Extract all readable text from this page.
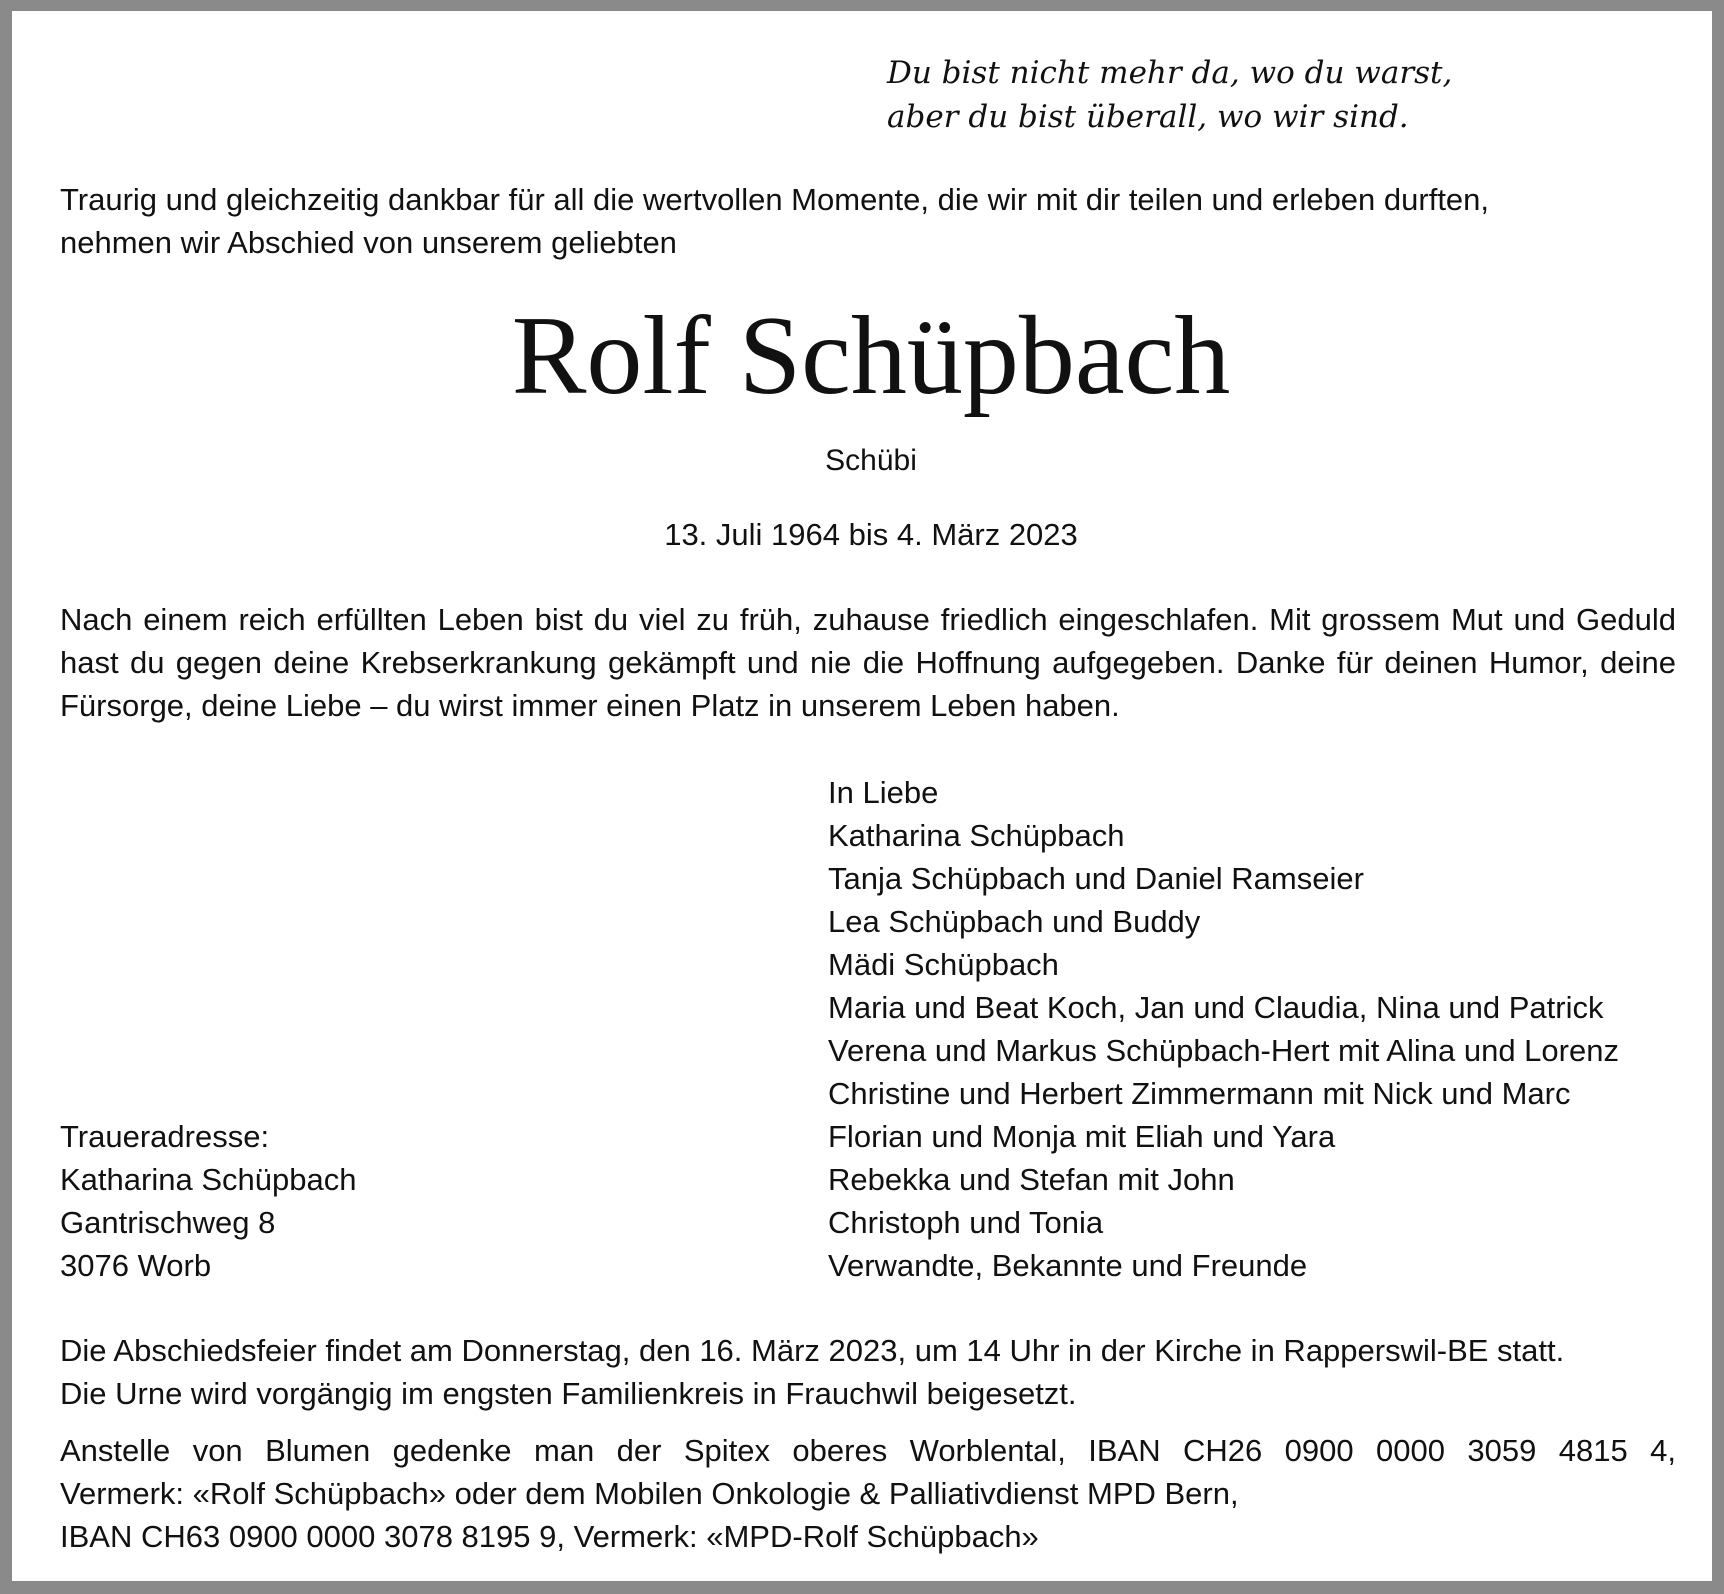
Du bist nicht mehr da, wo du warst,
aber du bist überall, wo wir sind.
Traurig und gleichzeitig dankbar für all die wertvollen Momente, die wir mit dir teilen und erleben durften,
nehmen wir Abschied von unserem geliebten
Rolf Schüpbach
Schübi
13. Juli 1964 bis 4. März 2023
Nach einem reich erfüllten Leben bist du viel zu früh, zuhause friedlich eingeschlafen. Mit grossem Mut und Geduld hast du gegen deine Krebserkrankung gekämpft und nie die Hoffnung aufgegeben. Danke für deinen Humor, deine Fürsorge, deine Liebe – du wirst immer einen Platz in unserem Leben haben.
In Liebe
Katharina Schüpbach
Tanja Schüpbach und Daniel Ramseier
Lea Schüpbach und Buddy
Mädi Schüpbach
Maria und Beat Koch, Jan und Claudia, Nina und Patrick
Verena und Markus Schüpbach-Hert mit Alina und Lorenz
Christine und Herbert Zimmermann mit Nick und Marc
Florian und Monja mit Eliah und Yara
Rebekka und Stefan mit John
Christoph und Tonia
Verwandte, Bekannte und Freunde
Traueradresse:
Katharina Schüpbach
Gantrischweg 8
3076 Worb
Die Abschiedsfeier findet am Donnerstag, den 16. März 2023, um 14 Uhr in der Kirche in Rapperswil-BE statt.
Die Urne wird vorgängig im engsten Familienkreis in Frauchwil beigesetzt.
Anstelle von Blumen gedenke man der Spitex oberes Worblental, IBAN CH26 0900 0000 3059 4815 4,
Vermerk: «Rolf Schüpbach» oder dem Mobilen Onkologie & Palliativdienst MPD Bern,
IBAN CH63 0900 0000 3078 8195 9, Vermerk: «MPD-Rolf Schüpbach»
